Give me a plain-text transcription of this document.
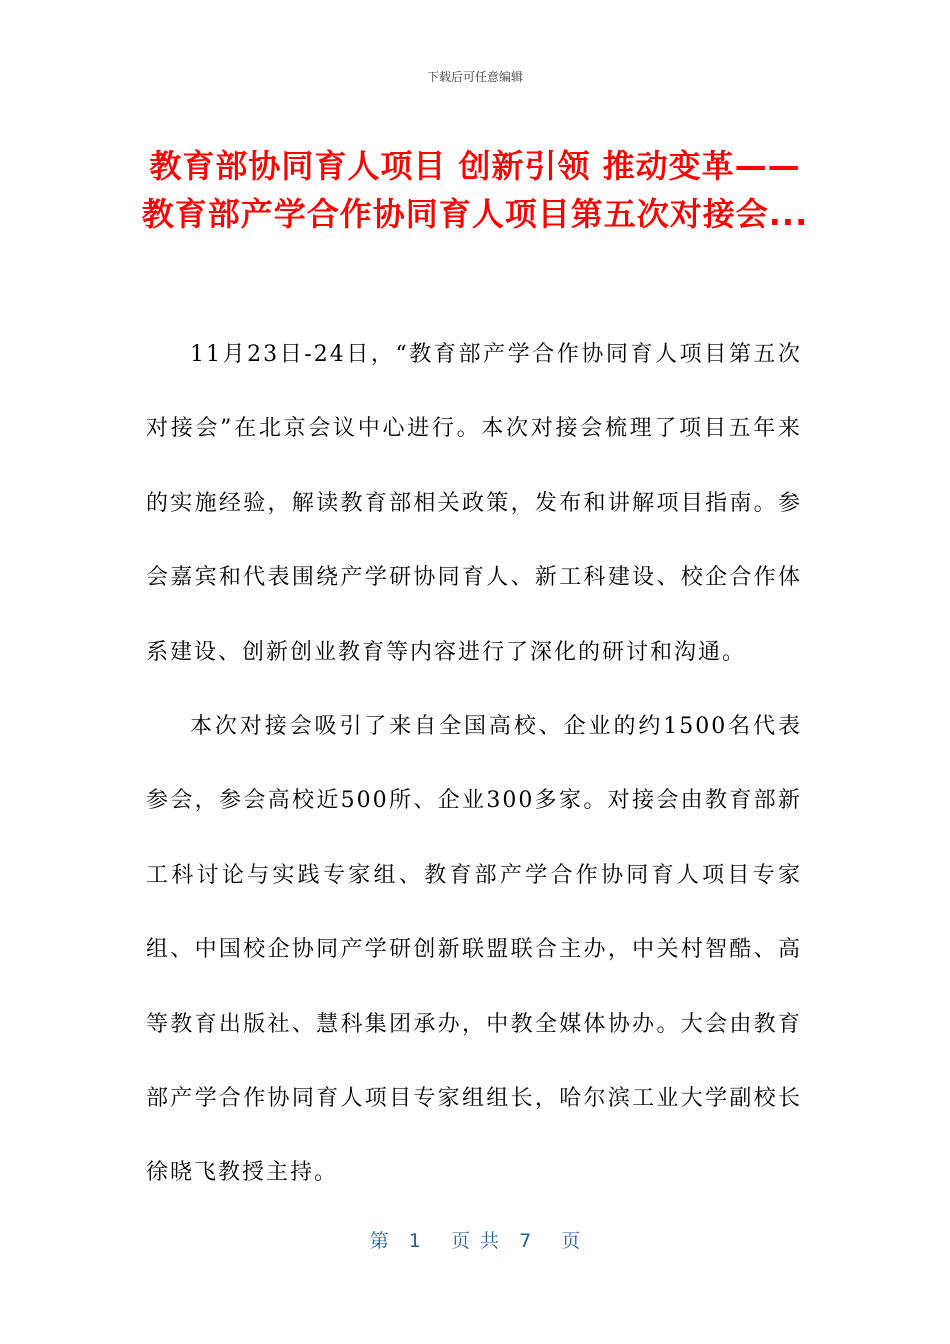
下载后可任意编辑
教育部协同育人项目 创新引领 推动变革——
教育部产学合作协同育人项目第五次对接会...

11月23日-24日，“教育部产学合作协同育人项目第五次对接会”在北京会议中心进行。本次对接会梳理了项目五年来的实施经验，解读教育部相关政策，发布和讲解项目指南。参会嘉宾和代表围绕产学研协同育人、新工科建设、校企合作体系建设、创新创业教育等内容进行了深化的研讨和沟通。

本次对接会吸引了来自全国高校、企业的约1500名代表参会，参会高校近500所、企业300多家。对接会由教育部新工科讨论与实践专家组、教育部产学合作协同育人项目专家组、中国校企协同产学研创新联盟联合主办，中关村智酷、高等教育出版社、慧科集团承办，中教全媒体协办。大会由教育部产学合作协同育人项目专家组组长，哈尔滨工业大学副校长徐晓飞教授主持。

第  1   页 共  7   页
